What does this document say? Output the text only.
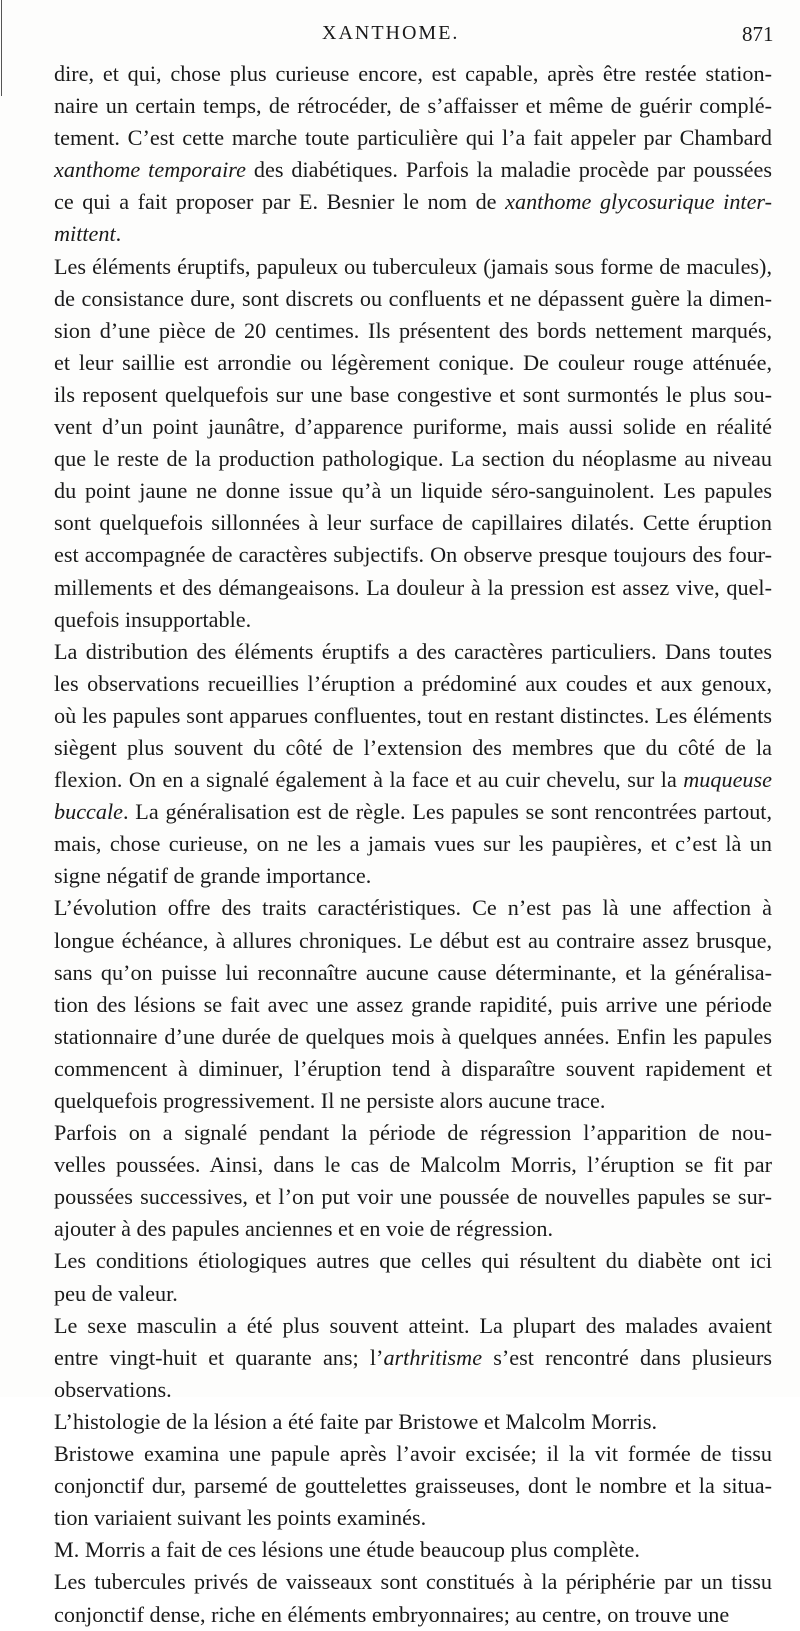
XANTHOME.	871

dire, et qui, chose plus curieuse encore, est capable, après être restée station-
naire un certain temps, de rétrocéder, de s’affaisser et même de guérir complé-
tement. C’est cette marche toute particulière qui l’a fait appeler par Chambard
xanthome temporaire des diabétiques. Parfois la maladie procède par poussées
ce qui a fait proposer par E. Besnier le nom de xanthome glycosurique inter-
mittent.

Les éléments éruptifs, papuleux ou tuberculeux (jamais sous forme de macules),
de consistance dure, sont discrets ou confluents et ne dépassent guère la dimen-
sion d’une pièce de 20 centimes. Ils présentent des bords nettement marqués,
et leur saillie est arrondie ou légèrement conique. De couleur rouge atténuée,
ils reposent quelquefois sur une base congestive et sont surmontés le plus sou-
vent d’un point jaunâtre, d’apparence puriforme, mais aussi solide en réalité
que le reste de la production pathologique. La section du néoplasme au niveau
du point jaune ne donne issue qu’à un liquide séro-sanguinolent. Les papules
sont quelquefois sillonnées à leur surface de capillaires dilatés. Cette éruption
est accompagnée de caractères subjectifs. On observe presque toujours des four-
millements et des démangeaisons. La douleur à la pression est assez vive, quel-
quefois insupportable.

La distribution des éléments éruptifs a des caractères particuliers. Dans toutes
les observations recueillies l’éruption a prédominé aux coudes et aux genoux,
où les papules sont apparues confluentes, tout en restant distinctes. Les éléments
siègent plus souvent du côté de l’extension des membres que du côté de la
flexion. On en a signalé également à la face et au cuir chevelu, sur la muqueuse
buccale. La généralisation est de règle. Les papules se sont rencontrées partout,
mais, chose curieuse, on ne les a jamais vues sur les paupières, et c’est là un
signe négatif de grande importance.

L’évolution offre des traits caractéristiques. Ce n’est pas là une affection à
longue échéance, à allures chroniques. Le début est au contraire assez brusque,
sans qu’on puisse lui reconnaître aucune cause déterminante, et la généralisa-
tion des lésions se fait avec une assez grande rapidité, puis arrive une période
stationnaire d’une durée de quelques mois à quelques années. Enfin les papules
commencent à diminuer, l’éruption tend à disparaître souvent rapidement et
quelquefois progressivement. Il ne persiste alors aucune trace.

Parfois on a signalé pendant la période de régression l’apparition de nou-
velles poussées. Ainsi, dans le cas de Malcolm Morris, l’éruption se fit par
poussées successives, et l’on put voir une poussée de nouvelles papules se sur-
ajouter à des papules anciennes et en voie de régression.

Les conditions étiologiques autres que celles qui résultent du diabète ont ici
peu de valeur.

Le sexe masculin a été plus souvent atteint. La plupart des malades avaient
entre vingt-huit et quarante ans; l’arthritisme s’est rencontré dans plusieurs
observations.

L’histologie de la lésion a été faite par Bristowe et Malcolm Morris.

Bristowe examina une papule après l’avoir excisée; il la vit formée de tissu
conjonctif dur, parsemé de gouttelettes graisseuses, dont le nombre et la situa-
tion variaient suivant les points examinés.

M. Morris a fait de ces lésions une étude beaucoup plus complète.

Les tubercules privés de vaisseaux sont constitués à la périphérie par un tissu
conjonctif dense, riche en éléments embryonnaires; au centre, on trouve une
